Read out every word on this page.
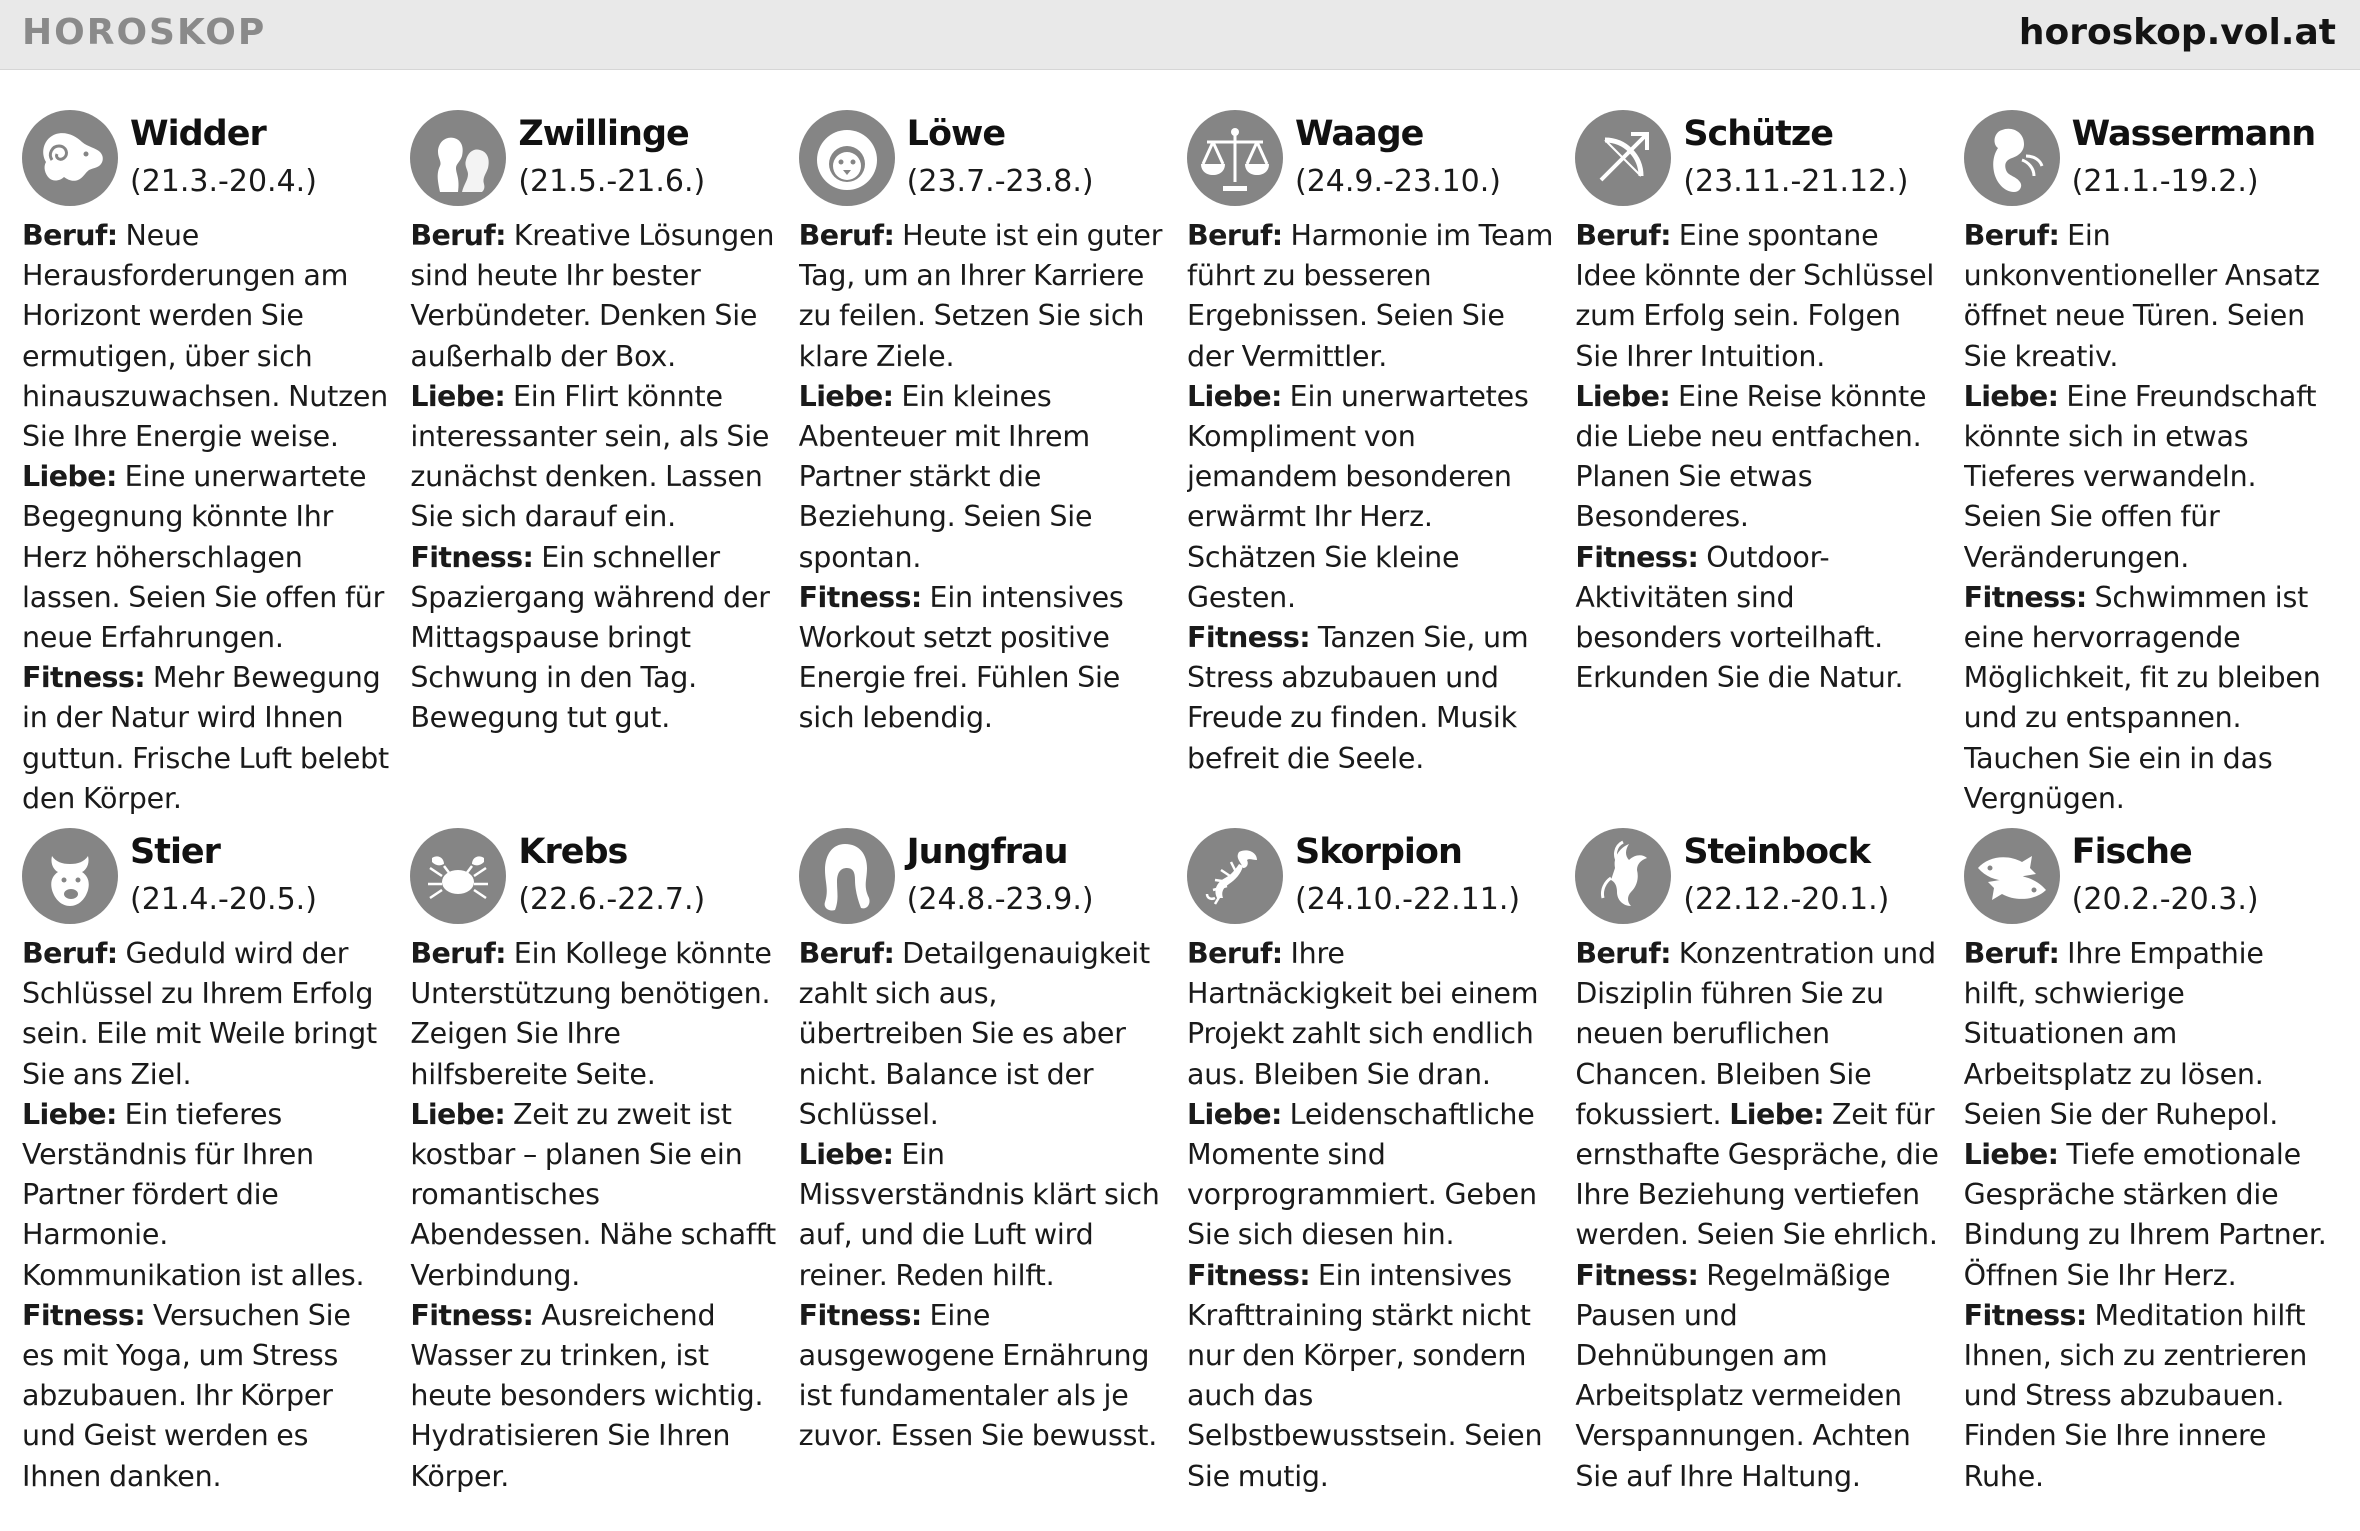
HOROSKOP	horoskop.vol.at
Widder
(21.3.-20.4.)

Beruf: Neue Herausforderungen am Horizont werden Sie ermutigen, über sich hinauszuwachsen. Nutzen Sie Ihre Energie weise.

Liebe: Eine unerwartete Begegnung könnte Ihr Herz höherschlagen lassen. Seien Sie offen für neue Erfahrungen.

Fitness: Mehr Bewegung in der Natur wird Ihnen guttun. Frische Luft belebt den Körper.

Zwillinge
(21.5.-21.6.)

Beruf: Kreative Lösungen sind heute Ihr bester Verbündeter. Denken Sie außerhalb der Box.

Liebe: Ein Flirt könnte interessanter sein, als Sie zunächst denken. Lassen Sie sich darauf ein.

Fitness: Ein schneller Spaziergang während der Mittagspause bringt Schwung in den Tag. Bewegung tut gut.

Löwe
(23.7.-23.8.)

Beruf: Heute ist ein guter Tag, um an Ihrer Karriere zu feilen. Setzen Sie sich klare Ziele.

Liebe: Ein kleines Abenteuer mit Ihrem Partner stärkt die Beziehung. Seien Sie spontan.

Fitness: Ein intensives Workout setzt positive Energie frei. Fühlen Sie sich lebendig.

Waage
(24.9.-23.10.)

Beruf: Harmonie im Team führt zu besseren Ergebnissen. Seien Sie der Vermittler.

Liebe: Ein unerwartetes Kompliment von jemandem besonderen erwärmt Ihr Herz. Schätzen Sie kleine Gesten.

Fitness: Tanzen Sie, um Stress abzubauen und Freude zu finden. Musik befreit die Seele.

Schütze
(23.11.-21.12.)

Beruf: Eine spontane Idee könnte der Schlüssel zum Erfolg sein. Folgen Sie Ihrer Intuition.

Liebe: Eine Reise könnte die Liebe neu entfachen. Planen Sie etwas Besonderes.

Fitness: Outdoor-Aktivitäten sind besonders vorteilhaft. Erkunden Sie die Natur.

Wassermann
(21.1.-19.2.)

Beruf: Ein unkonventioneller Ansatz öffnet neue Türen. Seien Sie kreativ.

Liebe: Eine Freundschaft könnte sich in etwas Tieferes verwandeln. Seien Sie offen für Veränderungen.

Fitness: Schwimmen ist eine hervorragende Möglichkeit, fit zu bleiben und zu entspannen. Tauchen Sie ein in das Vergnügen.

Stier
(21.4.-20.5.)

Beruf: Geduld wird der Schlüssel zu Ihrem Erfolg sein. Eile mit Weile bringt Sie ans Ziel.

Liebe: Ein tieferes Verständnis für Ihren Partner fördert die Harmonie. Kommunikation ist alles.

Fitness: Versuchen Sie es mit Yoga, um Stress abzubauen. Ihr Körper und Geist werden es Ihnen danken.

Krebs
(22.6.-22.7.)

Beruf: Ein Kollege könnte Unterstützung benötigen. Zeigen Sie Ihre hilfsbereite Seite.

Liebe: Zeit zu zweit ist kostbar – planen Sie ein romantisches Abendessen. Nähe schafft Verbindung.

Fitness: Ausreichend Wasser zu trinken, ist heute besonders wichtig. Hydratisieren Sie Ihren Körper.

Jungfrau
(24.8.-23.9.)

Beruf: Detailgenauigkeit zahlt sich aus, übertreiben Sie es aber nicht. Balance ist der Schlüssel.

Liebe: Ein Missverständnis klärt sich auf, und die Luft wird reiner. Reden hilft.

Fitness: Eine ausgewogene Ernährung ist fundamentaler als je zuvor. Essen Sie bewusst.

Skorpion
(24.10.-22.11.)

Beruf: Ihre Hartnäckigkeit bei einem Projekt zahlt sich endlich aus. Bleiben Sie dran.

Liebe: Leidenschaftliche Momente sind vorprogrammiert. Geben Sie sich diesen hin.

Fitness: Ein intensives Krafttraining stärkt nicht nur den Körper, sondern auch das Selbstbewusstsein. Seien Sie mutig.

Steinbock
(22.12.-20.1.)

Beruf: Konzentration und Disziplin führen Sie zu neuen beruflichen Chancen. Bleiben Sie fokussiert. Liebe: Zeit für ernsthafte Gespräche, die Ihre Beziehung vertiefen werden. Seien Sie ehrlich.

Fitness: Regelmäßige Pausen und Dehnübungen am Arbeitsplatz vermeiden Verspannungen. Achten Sie auf Ihre Haltung.

Fische
(20.2.-20.3.)

Beruf: Ihre Empathie hilft, schwierige Situationen am Arbeitsplatz zu lösen. Seien Sie der Ruhepol.

Liebe: Tiefe emotionale Gespräche stärken die Bindung zu Ihrem Partner. Öffnen Sie Ihr Herz.

Fitness: Meditation hilft Ihnen, sich zu zentrieren und Stress abzubauen. Finden Sie Ihre innere Ruhe.
